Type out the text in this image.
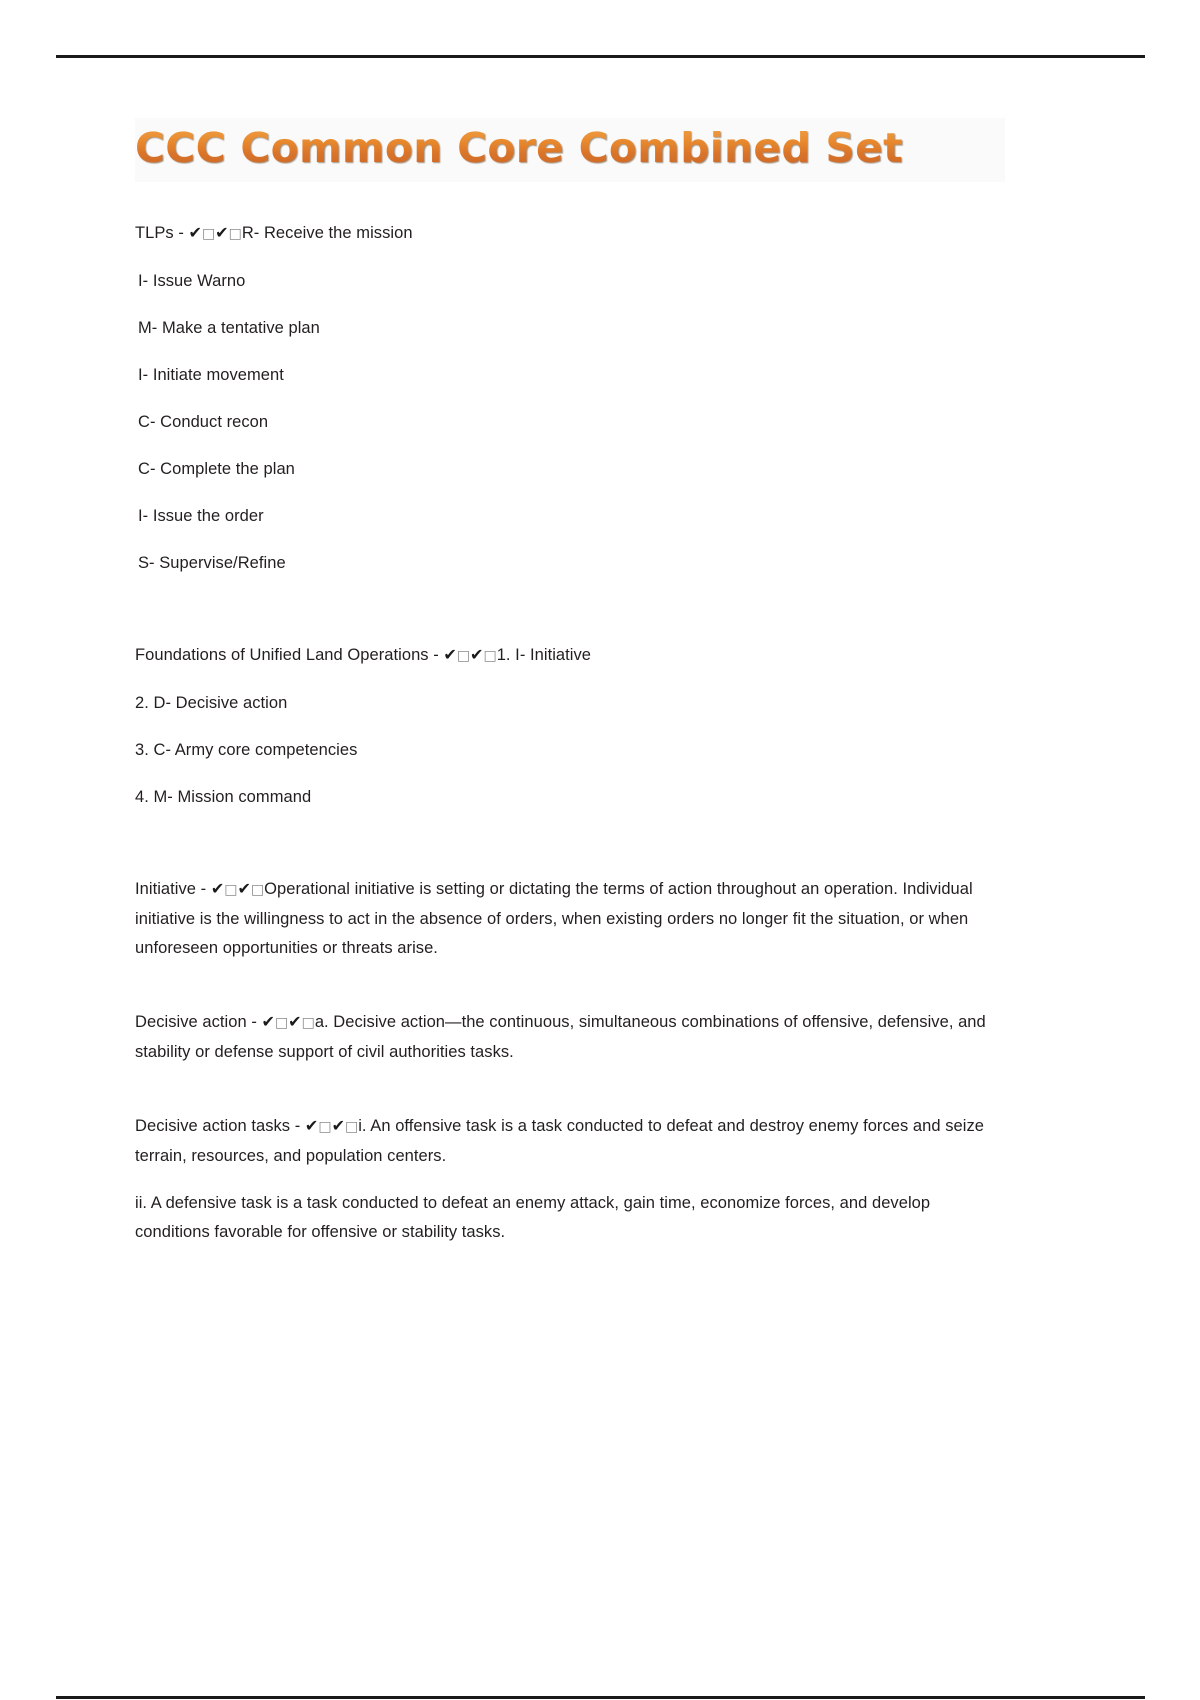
CCC Common Core Combined Set

TLPs - ✔□✔□R- Receive the mission

I- Issue Warno

M- Make a tentative plan

I- Initiate movement

C- Conduct recon

C- Complete the plan

I- Issue the order

S- Supervise/Refine

Foundations of Unified Land Operations - ✔□✔□1. I- Initiative

2. D- Decisive action

3. C- Army core competencies

4. M- Mission command

Initiative - ✔□✔□Operational initiative is setting or dictating the terms of action throughout an operation. Individual initiative is the willingness to act in the absence of orders, when existing orders no longer fit the situation, or when unforeseen opportunities or threats arise.

Decisive action - ✔□✔□a. Decisive action—the continuous, simultaneous combinations of offensive, defensive, and stability or defense support of civil authorities tasks.

Decisive action tasks - ✔□✔□i. An offensive task is a task conducted to defeat and destroy enemy forces and seize terrain, resources, and population centers.

ii. A defensive task is a task conducted to defeat an enemy attack, gain time, economize forces, and develop conditions favorable for offensive or stability tasks.
